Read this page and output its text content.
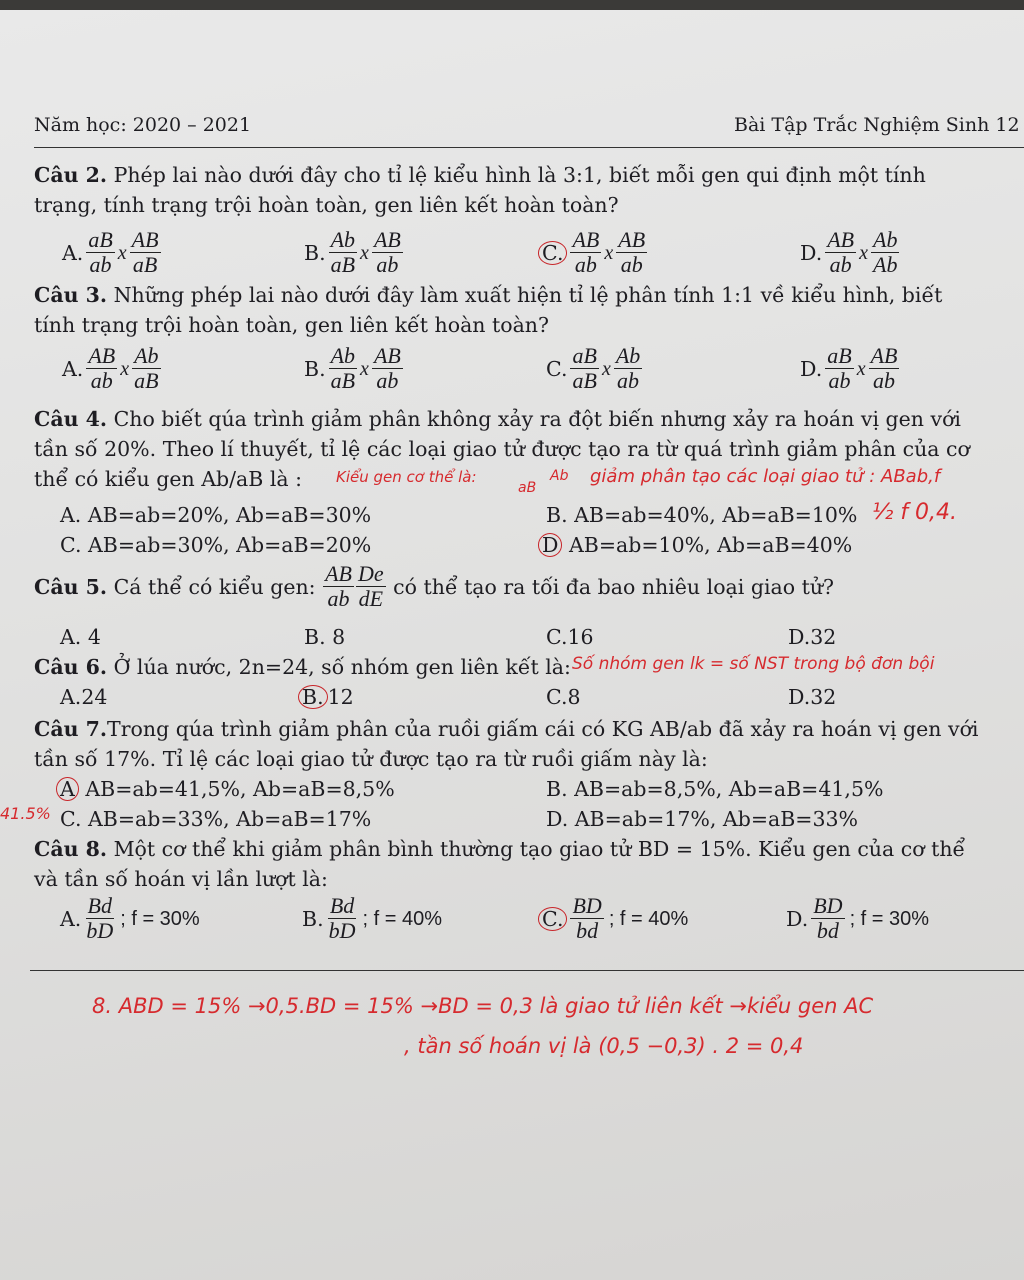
Năm học: 2020 – 2021	Bài Tập Trắc Nghiệm Sinh 12
Câu 2. Phép lai nào dưới đây cho tỉ lệ kiểu hình là 3:1, biết mỗi gen qui định một tính
trạng, tính trạng trội hoàn toàn, gen liên kết hoàn toàn?
A. $\frac{aB}{ab}$ x $\frac{AB}{aB}$	B. $\frac{Ab}{aB}$ x $\frac{AB}{ab}$	C. $\frac{AB}{ab}$ x $\frac{AB}{ab}$	D. $\frac{AB}{ab}$ x $\frac{Ab}{Ab}$
Câu 3. Những phép lai nào dưới đây làm xuất hiện tỉ lệ phân tính 1:1 về kiểu hình, biết
tính trạng trội hoàn toàn, gen liên kết hoàn toàn?
A. $\frac{AB}{ab}$ x $\frac{Ab}{aB}$	B. $\frac{Ab}{aB}$ x $\frac{AB}{ab}$	C. $\frac{aB}{aB}$ x $\frac{Ab}{ab}$	D. $\frac{aB}{ab}$ x $\frac{AB}{ab}$
Câu 4. Cho biết qúa trình giảm phân không xảy ra đột biến nhưng xảy ra hoán vị gen với
tần số 20%. Theo lí thuyết, tỉ lệ các loại giao tử được tạo ra từ quá trình giảm phân của cơ
thể có kiểu gen Ab/aB là : Kiểu gen cơ thể là:
aB
Ab giảm phân tạo các loại giao tử : ABab,f
A. AB=ab=20%, Ab=aB=30%	B. AB=ab=40%, Ab=aB=10% ½ f 0,4.
C. AB=ab=30%, Ab=aB=20%	D AB=ab=10%, Ab=aB=40%
Câu 5. Cá thể có kiểu gen: $\frac{AB}{ab} \frac{De}{dE}$ có thể tạo ra tối đa bao nhiêu loại giao tử?
A. 4	B. 8	C.16	D.32
Câu 6. Ở lúa nước, 2n=24, số nhóm gen liên kết là: Số nhóm gen lk = số NST trong bộ đơn bội
A.24	B. 12	C.8	D.32
Câu 7.Trong qúa trình giảm phân của ruồi giấm cái có KG AB/ab đã xảy ra hoán vị gen với
tần số 17%. Tỉ lệ các loại giao tử được tạo ra từ ruồi giấm này là:
A AB=ab=41,5%, Ab=aB=8,5%	B. AB=ab=8,5%, Ab=aB=41,5%
41.5% C. AB=ab=33%, Ab=aB=17%	D. AB=ab=17%, Ab=aB=33%
Câu 8. Một cơ thể khi giảm phân bình thường tạo giao tử BD = 15%. Kiểu gen của cơ thể
và tần số hoán vị lần lượt là:
A. $\frac{Bd}{bD}$ ; f = 30%	B. $\frac{Bd}{bD}$ ; f = 40%	C. $\frac{BD}{bd}$ ; f = 40%	D. $\frac{BD}{bd}$ ; f = 30%
8. ABD = 15% →0,5.BD = 15% →BD = 0,3 là giao tử liên kết →kiểu gen AC
, tần số hoán vị là (0,5 −0,3) . 2 = 0,4
